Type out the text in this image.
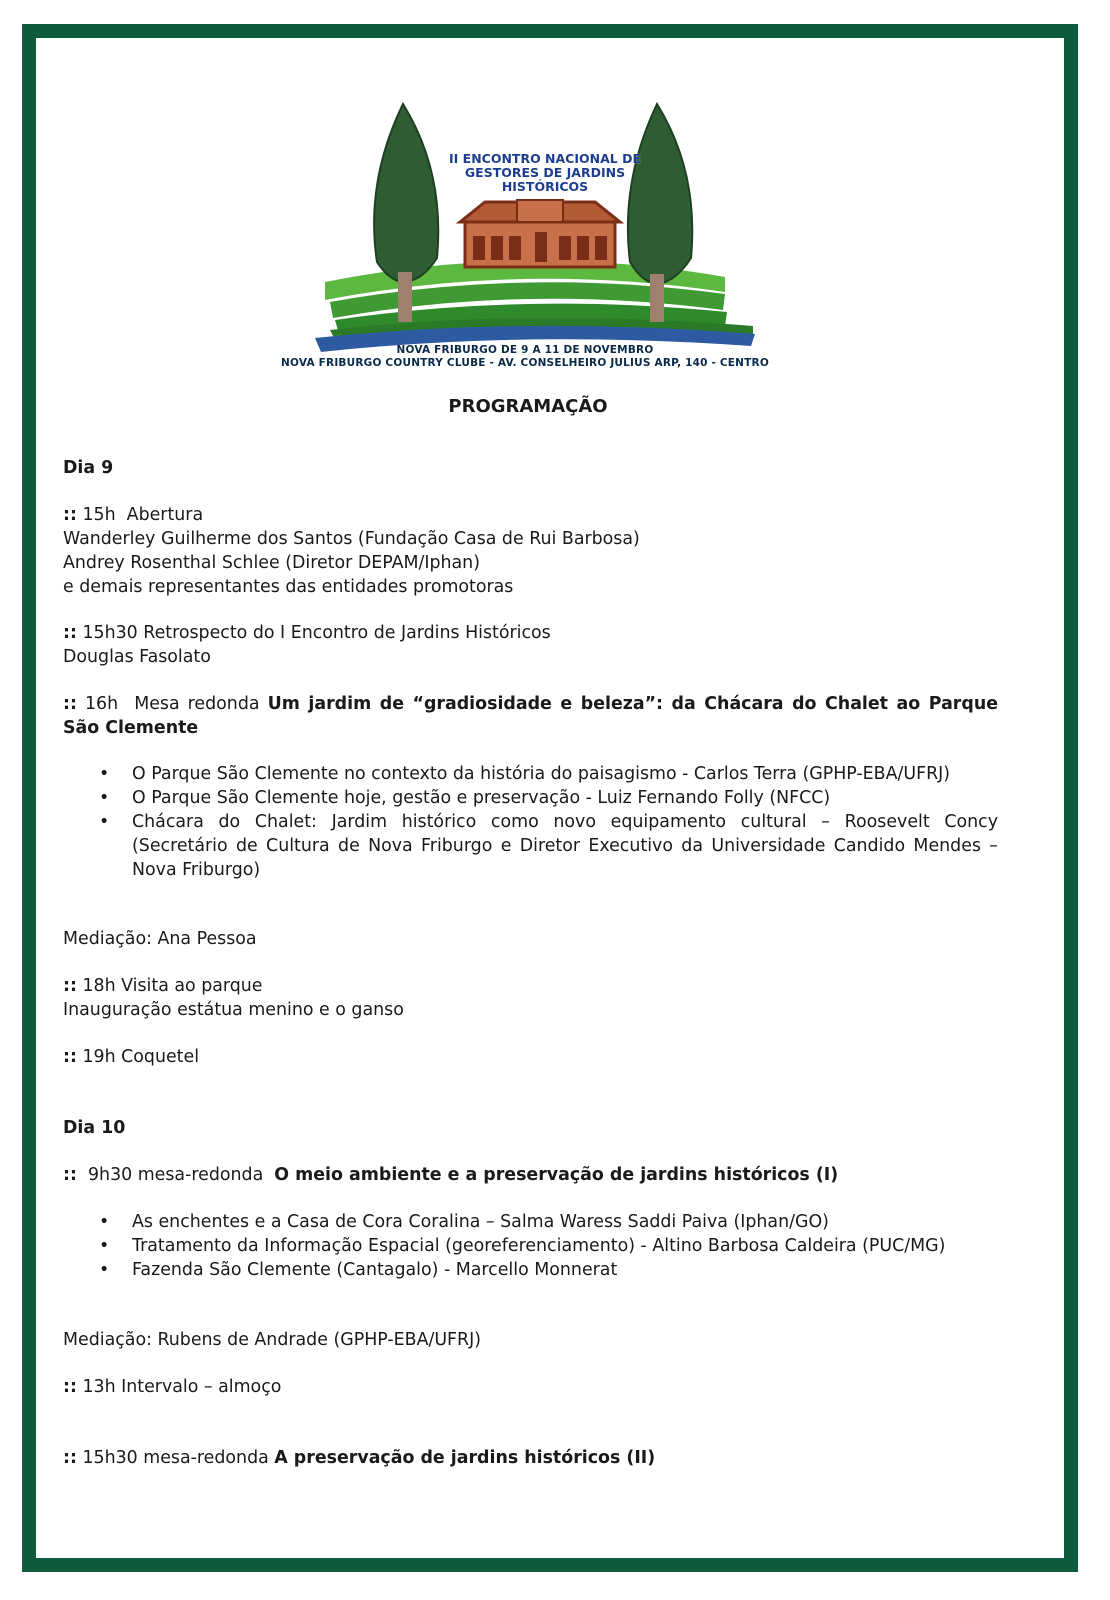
II ENCONTRO NACIONAL DE
GESTORES DE JARDINS
HISTÓRICOS
NOVA FRIBURGO DE 9 A 11 DE NOVEMBRO
NOVA FRIBURGO COUNTRY CLUBE - AV. CONSELHEIRO JULIUS ARP, 140 - CENTRO
PROGRAMAÇÃO
Dia 9
:: 15h Abertura
Wanderley Guilherme dos Santos (Fundação Casa de Rui Barbosa)
Andrey Rosenthal Schlee (Diretor DEPAM/Iphan)
e demais representantes das entidades promotoras
:: 15h30 Retrospecto do I Encontro de Jardins Históricos
Douglas Fasolato
:: 16h Mesa redonda Um jardim de “gradiosidade e beleza”: da Chácara do Chalet ao Parque São Clemente
• O Parque São Clemente no contexto da história do paisagismo - Carlos Terra (GPHP-EBA/UFRJ)
• O Parque São Clemente hoje, gestão e preservação - Luiz Fernando Folly (NFCC)
• Chácara do Chalet: Jardim histórico como novo equipamento cultural – Roosevelt Concy (Secretário de Cultura de Nova Friburgo e Diretor Executivo da Universidade Candido Mendes – Nova Friburgo)
Mediação: Ana Pessoa
:: 18h Visita ao parque
Inauguração estátua menino e o ganso
:: 19h Coquetel
Dia 10
:: 9h30 mesa-redonda O meio ambiente e a preservação de jardins históricos (I)
• As enchentes e a Casa de Cora Coralina – Salma Waress Saddi Paiva (Iphan/GO)
• Tratamento da Informação Espacial (georeferenciamento) - Altino Barbosa Caldeira (PUC/MG)
• Fazenda São Clemente (Cantagalo) - Marcello Monnerat
Mediação: Rubens de Andrade (GPHP-EBA/UFRJ)
:: 13h Intervalo – almoço
:: 15h30 mesa-redonda A preservação de jardins históricos (II)
